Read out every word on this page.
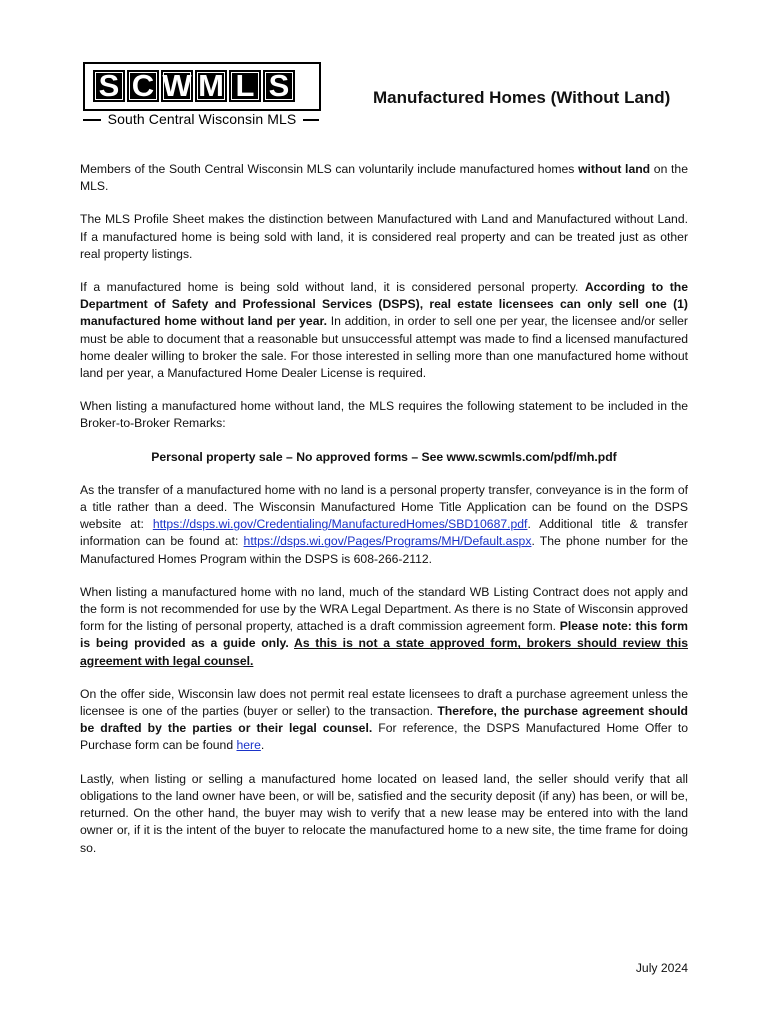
S C W M L S
South Central Wisconsin MLS
Manufactured Homes (Without Land)

Members of the South Central Wisconsin MLS can voluntarily include manufactured homes without land on the MLS.

The MLS Profile Sheet makes the distinction between Manufactured with Land and Manufactured without Land. If a manufactured home is being sold with land, it is considered real property and can be treated just as other real property listings.

If a manufactured home is being sold without land, it is considered personal property. According to the Department of Safety and Professional Services (DSPS), real estate licensees can only sell one (1) manufactured home without land per year. In addition, in order to sell one per year, the licensee and/or seller must be able to document that a reasonable but unsuccessful attempt was made to find a licensed manufactured home dealer willing to broker the sale. For those interested in selling more than one manufactured home without land per year, a Manufactured Home Dealer License is required.

When listing a manufactured home without land, the MLS requires the following statement to be included in the Broker-to-Broker Remarks:

Personal property sale – No approved forms – See www.scwmls.com/pdf/mh.pdf

As the transfer of a manufactured home with no land is a personal property transfer, conveyance is in the form of a title rather than a deed. The Wisconsin Manufactured Home Title Application can be found on the DSPS website at: https://dsps.wi.gov/Credentialing/ManufacturedHomes/SBD10687.pdf. Additional title & transfer information can be found at: https://dsps.wi.gov/Pages/Programs/MH/Default.aspx. The phone number for the Manufactured Homes Program within the DSPS is 608-266-2112.

When listing a manufactured home with no land, much of the standard WB Listing Contract does not apply and the form is not recommended for use by the WRA Legal Department. As there is no State of Wisconsin approved form for the listing of personal property, attached is a draft commission agreement form. Please note: this form is being provided as a guide only. As this is not a state approved form, brokers should review this agreement with legal counsel.

On the offer side, Wisconsin law does not permit real estate licensees to draft a purchase agreement unless the licensee is one of the parties (buyer or seller) to the transaction. Therefore, the purchase agreement should be drafted by the parties or their legal counsel. For reference, the DSPS Manufactured Home Offer to Purchase form can be found here.

Lastly, when listing or selling a manufactured home located on leased land, the seller should verify that all obligations to the land owner have been, or will be, satisfied and the security deposit (if any) has been, or will be, returned. On the other hand, the buyer may wish to verify that a new lease may be entered into with the land owner or, if it is the intent of the buyer to relocate the manufactured home to a new site, the time frame for doing so.

July 2024
